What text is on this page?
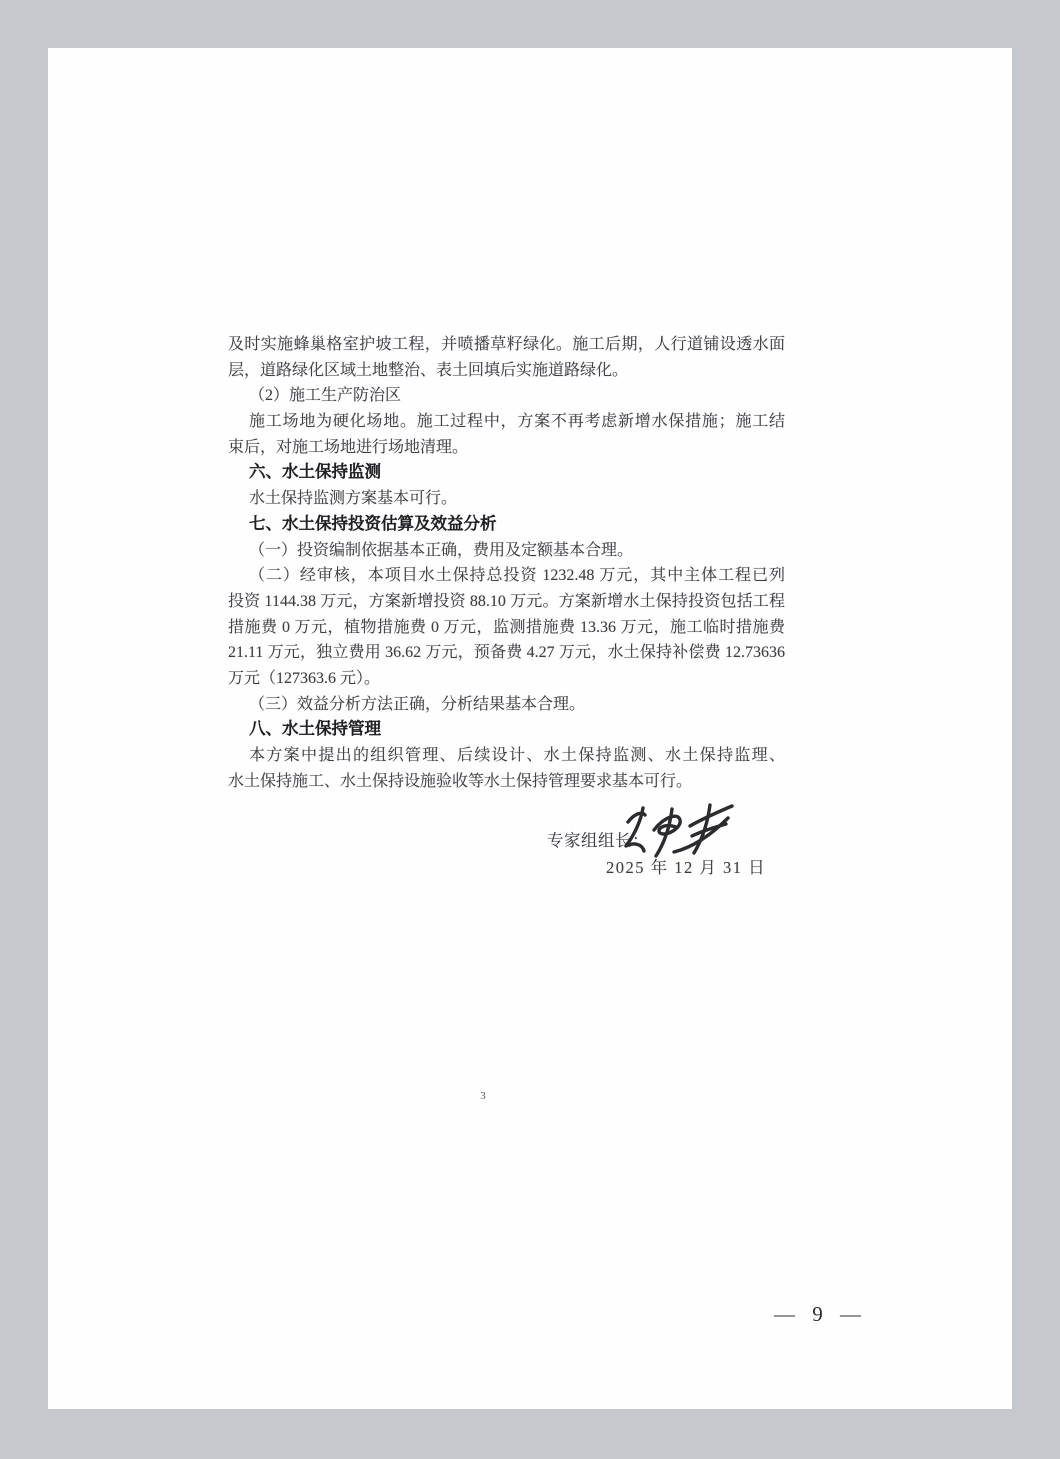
及时实施蜂巢格室护坡工程，并喷播草籽绿化。施工后期，人行道铺设透水面
层，道路绿化区域土地整治、表土回填后实施道路绿化。
（2）施工生产防治区
施工场地为硬化场地。施工过程中，方案不再考虑新增水保措施；施工结
束后，对施工场地进行场地清理。
六、水土保持监测
水土保持监测方案基本可行。
七、水土保持投资估算及效益分析
（一）投资编制依据基本正确，费用及定额基本合理。
（二）经审核，本项目水土保持总投资 1232.48 万元，其中主体工程已列
投资 1144.38 万元，方案新增投资 88.10 万元。方案新增水土保持投资包括工程
措施费 0 万元，植物措施费 0 万元，监测措施费 13.36 万元，施工临时措施费
21.11 万元，独立费用 36.62 万元，预备费 4.27 万元，水土保持补偿费 12.73636
万元（127363.6 元）。
（三）效益分析方法正确，分析结果基本合理。
八、水土保持管理
本方案中提出的组织管理、后续设计、水土保持监测、水土保持监理、
水土保持施工、水土保持设施验收等水土保持管理要求基本可行。
专家组组长：
2025 年 12 月 31 日
3
— 9 —
